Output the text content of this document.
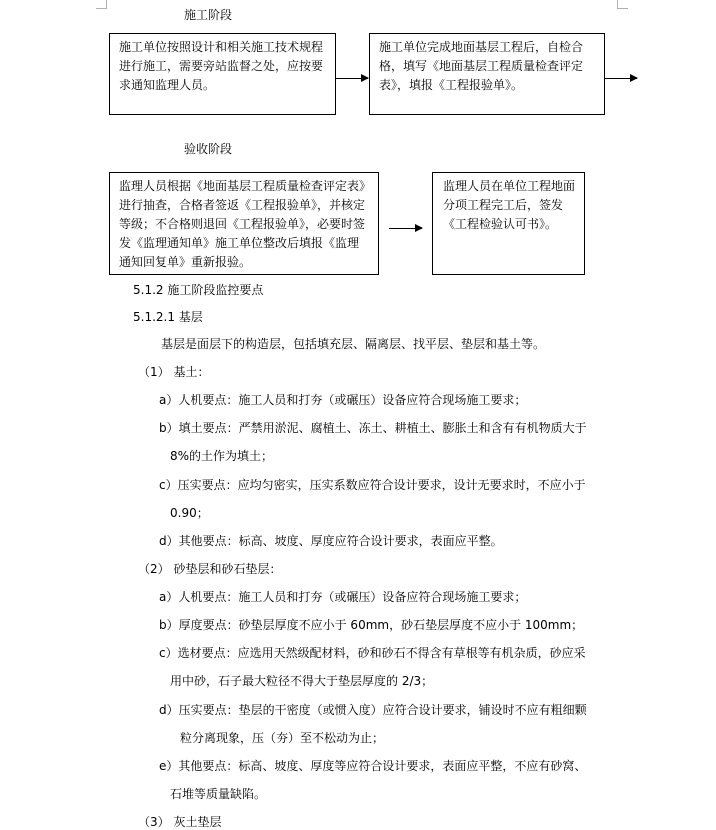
施工阶段
施工单位按照设计和相关施工技术规程进行施工，需要旁站监督之处，应按要求通知监理人员。
施工单位完成地面基层工程后，自检合格，填写《地面基层工程质量检查评定表》，填报《工程报验单》。
验收阶段
监理人员根据《地面基层工程质量检查评定表》进行抽查，合格者签返《工程报验单》，并核定等级；不合格则退回《工程报验单》，必要时签发《监理通知单》施工单位整改后填报《监理通知回复单》重新报验。
监理人员在单位工程地面分项工程完工后，签发《工程检验认可书》。
5.1.2 施工阶段监控要点
5.1.2.1 基层
基层是面层下的构造层，包括填充层、隔离层、找平层、垫层和基土等。
（1） 基土：
a）人机要点：施工人员和打夯（或碾压）设备应符合现场施工要求；
b）填土要点：严禁用淤泥、腐植土、冻土、耕植土、膨胀土和含有有机物质大于
8%的土作为填土；
c）压实要点：应均匀密实，压实系数应符合设计要求，设计无要求时，不应小于
0.90；
d）其他要点：标高、坡度、厚度应符合设计要求，表面应平整。
（2） 砂垫层和砂石垫层：
a）人机要点：施工人员和打夯（或碾压）设备应符合现场施工要求；
b）厚度要点：砂垫层厚度不应小于 60mm，砂石垫层厚度不应小于 100mm；
c）选材要点：应选用天然级配材料，砂和砂石不得含有草根等有机杂质，砂应采
用中砂，石子最大粒径不得大于垫层厚度的 2/3；
d）压实要点：垫层的干密度（或惯入度）应符合设计要求，铺设时不应有粗细颗
粒分离现象，压（夯）至不松动为止；
e）其他要点：标高、坡度、厚度等应符合设计要求，表面应平整，不应有砂窝、
石堆等质量缺陷。
（3） 灰土垫层
